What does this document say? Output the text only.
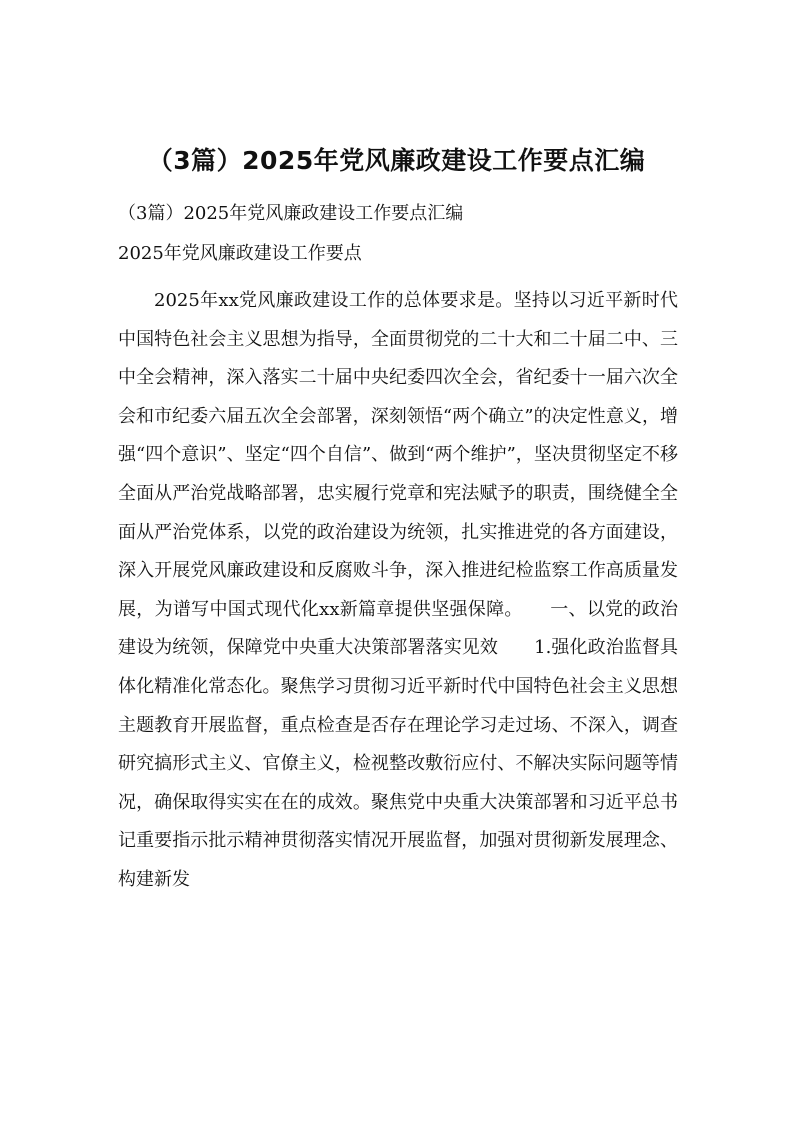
（3篇）2025年党风廉政建设工作要点汇编

（3篇）2025年党风廉政建设工作要点汇编

2025年党风廉政建设工作要点

2025年xx党风廉政建设工作的总体要求是。坚持以习近平新时代中国特色社会主义思想为指导，全面贯彻党的二十大和二十届二中、三中全会精神，深入落实二十届中央纪委四次全会，省纪委十一届六次全会和市纪委六届五次全会部署，深刻领悟“两个确立”的决定性意义，增强“四个意识”、坚定“四个自信”、做到“两个维护”，坚决贯彻坚定不移全面从严治党战略部署，忠实履行党章和宪法赋予的职责，围绕健全全面从严治党体系，以党的政治建设为统领，扎实推进党的各方面建设，深入开展党风廉政建设和反腐败斗争，深入推进纪检监察工作高质量发展，为谱写中国式现代化xx新篇章提供坚强保障。　　一、以党的政治建设为统领，保障党中央重大决策部署落实见效　　1.强化政治监督具体化精准化常态化。聚焦学习贯彻习近平新时代中国特色社会主义思想主题教育开展监督，重点检查是否存在理论学习走过场、不深入，调查研究搞形式主义、官僚主义，检视整改敷衍应付、不解决实际问题等情况，确保取得实实在在的成效。聚焦党中央重大决策部署和习近平总书记重要指示批示精神贯彻落实情况开展监督，加强对贯彻新发展理念、构建新发
